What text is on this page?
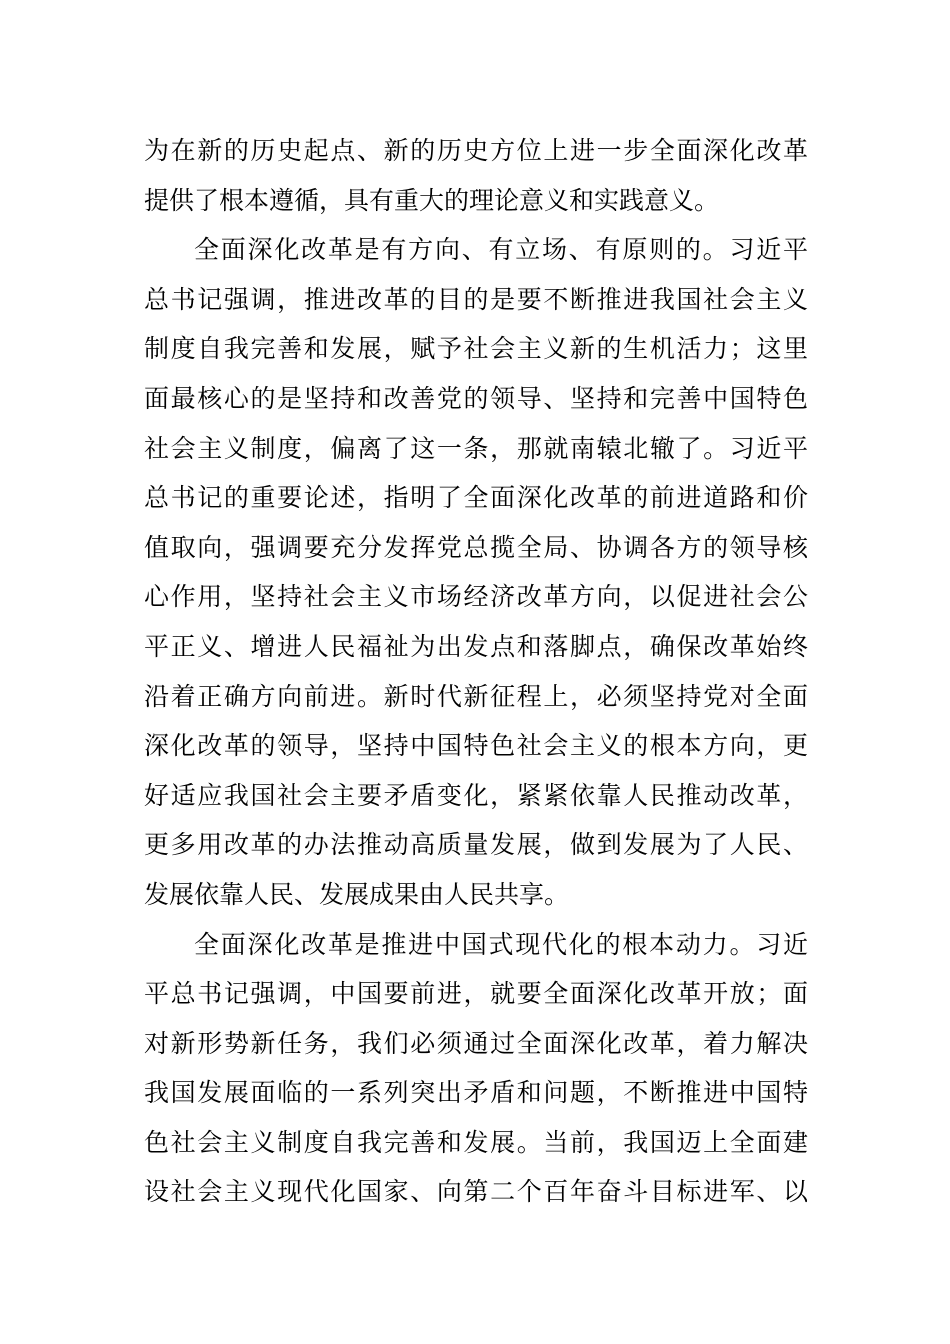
为在新的历史起点、新的历史方位上进一步全面深化改革
提供了根本遵循，具有重大的理论意义和实践意义。
全面深化改革是有方向、有立场、有原则的。习近平
总书记强调，推进改革的目的是要不断推进我国社会主义
制度自我完善和发展，赋予社会主义新的生机活力；这里
面最核心的是坚持和改善党的领导、坚持和完善中国特色
社会主义制度，偏离了这一条，那就南辕北辙了。习近平
总书记的重要论述，指明了全面深化改革的前进道路和价
值取向，强调要充分发挥党总揽全局、协调各方的领导核
心作用，坚持社会主义市场经济改革方向，以促进社会公
平正义、增进人民福祉为出发点和落脚点，确保改革始终
沿着正确方向前进。新时代新征程上，必须坚持党对全面
深化改革的领导，坚持中国特色社会主义的根本方向，更
好适应我国社会主要矛盾变化，紧紧依靠人民推动改革，
更多用改革的办法推动高质量发展，做到发展为了人民、
发展依靠人民、发展成果由人民共享。
全面深化改革是推进中国式现代化的根本动力。习近
平总书记强调，中国要前进，就要全面深化改革开放；面
对新形势新任务，我们必须通过全面深化改革，着力解决
我国发展面临的一系列突出矛盾和问题，不断推进中国特
色社会主义制度自我完善和发展。当前，我国迈上全面建
设社会主义现代化国家、向第二个百年奋斗目标进军、以
